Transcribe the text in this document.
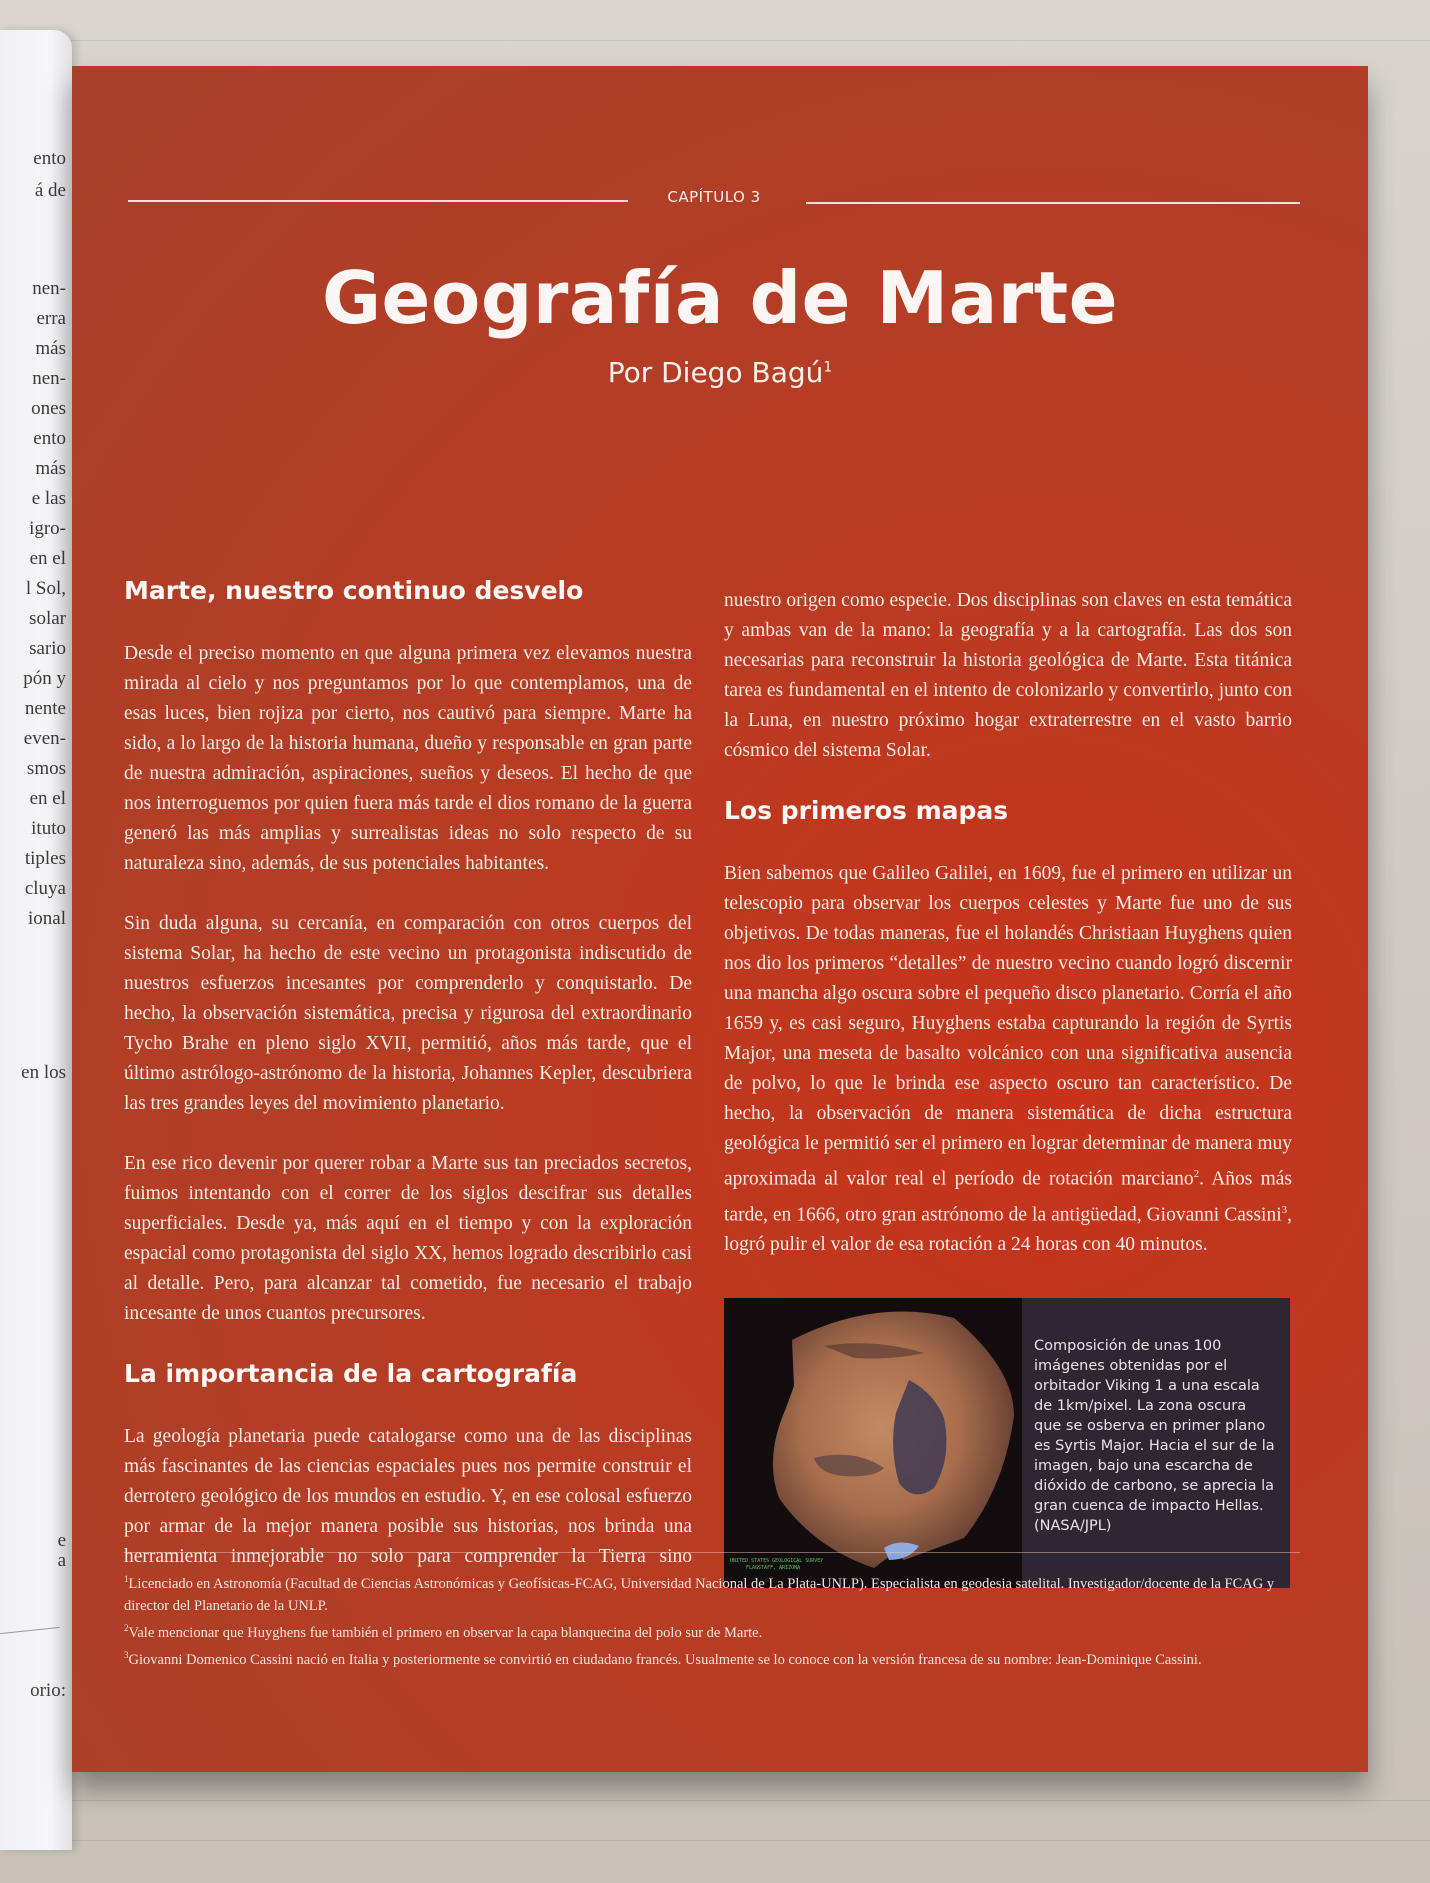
ento
á de
nen-
erra
más
nen-
ones
ento
más
e las
igro-
en el
l Sol,
solar
sario
pón y
nente
even-
smos
en el
ituto
tiples
cluya
ional
en los
e
a
orio:
CAPÍTULO 3
Geografía de Marte
Por Diego Bagú$^1$
Marte, nuestro continuo desvelo

Desde el preciso momento en que alguna primera vez elevamos nuestra mirada al cielo y nos preguntamos por lo que contemplamos, una de esas luces, bien rojiza por cierto, nos cautivó para siempre. Marte ha sido, a lo largo de la historia humana, dueño y responsable en gran parte de nuestra admiración, aspiraciones, sueños y deseos. El hecho de que nos interroguemos por quien fuera más tarde el dios romano de la guerra generó las más amplias y surrealistas ideas no solo respecto de su naturaleza sino, además, de sus potenciales habitantes.

Sin duda alguna, su cercanía, en comparación con otros cuerpos del sistema Solar, ha hecho de este vecino un protagonista indiscutido de nuestros esfuerzos incesantes por comprenderlo y conquistarlo. De hecho, la observación sistemática, precisa y rigurosa del extraordinario Tycho Brahe en pleno siglo XVII, permitió, años más tarde, que el último astrólogo-astrónomo de la historia, Johannes Kepler, descubriera las tres grandes leyes del movimiento planetario.

En ese rico devenir por querer robar a Marte sus tan preciados secretos, fuimos intentando con el correr de los siglos descifrar sus detalles superficiales. Desde ya, más aquí en el tiempo y con la exploración espacial como protagonista del siglo XX, hemos logrado describirlo casi al detalle. Pero, para alcanzar tal cometido, fue necesario el trabajo incesante de unos cuantos precursores.

La importancia de la cartografía

La geología planetaria puede catalogarse como una de las disciplinas más fascinantes de las ciencias espaciales pues nos permite construir el derrotero geológico de los mundos en estudio. Y, en ese colosal esfuerzo por armar de la mejor manera posible sus historias, nos brinda una herramienta inmejorable no solo para comprender la Tierra sino

nuestro origen como especie. Dos disciplinas son claves en esta temática y ambas van de la mano: la geografía y a la cartografía. Las dos son necesarias para reconstruir la historia geológica de Marte. Esta titánica tarea es fundamental en el intento de colonizarlo y convertirlo, junto con la Luna, en nuestro próximo hogar extraterrestre en el vasto barrio cósmico del sistema Solar.

Los primeros mapas

Bien sabemos que Galileo Galilei, en 1609, fue el primero en utilizar un telescopio para observar los cuerpos celestes y Marte fue uno de sus objetivos. De todas maneras, fue el holandés Christiaan Huyghens quien nos dio los primeros “detalles” de nuestro vecino cuando logró discernir una mancha algo oscura sobre el pequeño disco planetario. Corría el año 1659 y, es casi seguro, Huyghens estaba capturando la región de Syrtis Major, una meseta de basalto volcánico con una significativa ausencia de polvo, lo que le brinda ese aspecto oscuro tan característico. De hecho, la observación de manera sistemática de dicha estructura geológica le permitió ser el primero en lograr determinar de manera muy aproximada al valor real el período de rotación marciano$^2$. Años más tarde, en 1666, otro gran astrónomo de la antigüedad, Giovanni Cassini$^3$, logró pulir el valor de esa rotación a 24 horas con 40 minutos.

UNITED STATES GEOLOGICAL SURVEY
FLAGSTAFF, ARIZONA
Composición de unas 100 imágenes obtenidas por el orbitador Viking 1 a una escala de 1km/pixel. La zona oscura que se osberva en primer plano es Syrtis Major. Hacia el sur de la imagen, bajo una escarcha de dióxido de carbono, se aprecia la gran cuenca de impacto Hellas. (NASA/JPL)
$^1$Licenciado en Astronomía (Facultad de Ciencias Astronómicas y Geofísicas-FCAG, Universidad Nacional de La Plata-UNLP). Especialista en geodesia satelital. Investigador/docente de la FCAG y director del Planetario de la UNLP.
$^2$Vale mencionar que Huyghens fue también el primero en observar la capa blanquecina del polo sur de Marte.
$^3$Giovanni Domenico Cassini nació en Italia y posteriormente se convirtió en ciudadano francés. Usualmente se lo conoce con la versión francesa de su nombre: Jean-Dominique Cassini.
